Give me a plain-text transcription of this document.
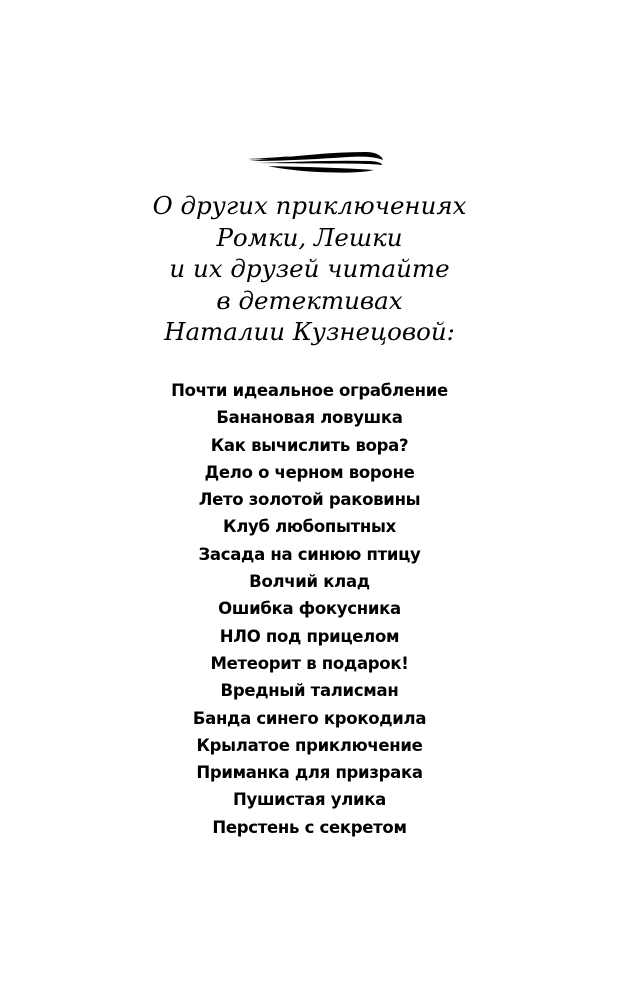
О других приключениях
Ромки, Лешки
и их друзей читайте
в детективах
Наталии Кузнецовой:
Почти идеальное ограбление
Банановая ловушка
Как вычислить вора?
Дело о черном вороне
Лето золотой раковины
Клуб любопытных
Засада на синюю птицу
Волчий клад
Ошибка фокусника
НЛО под прицелом
Метеорит в подарок!
Вредный талисман
Банда синего крокодила
Крылатое приключение
Приманка для призрака
Пушистая улика
Перстень с секретом
